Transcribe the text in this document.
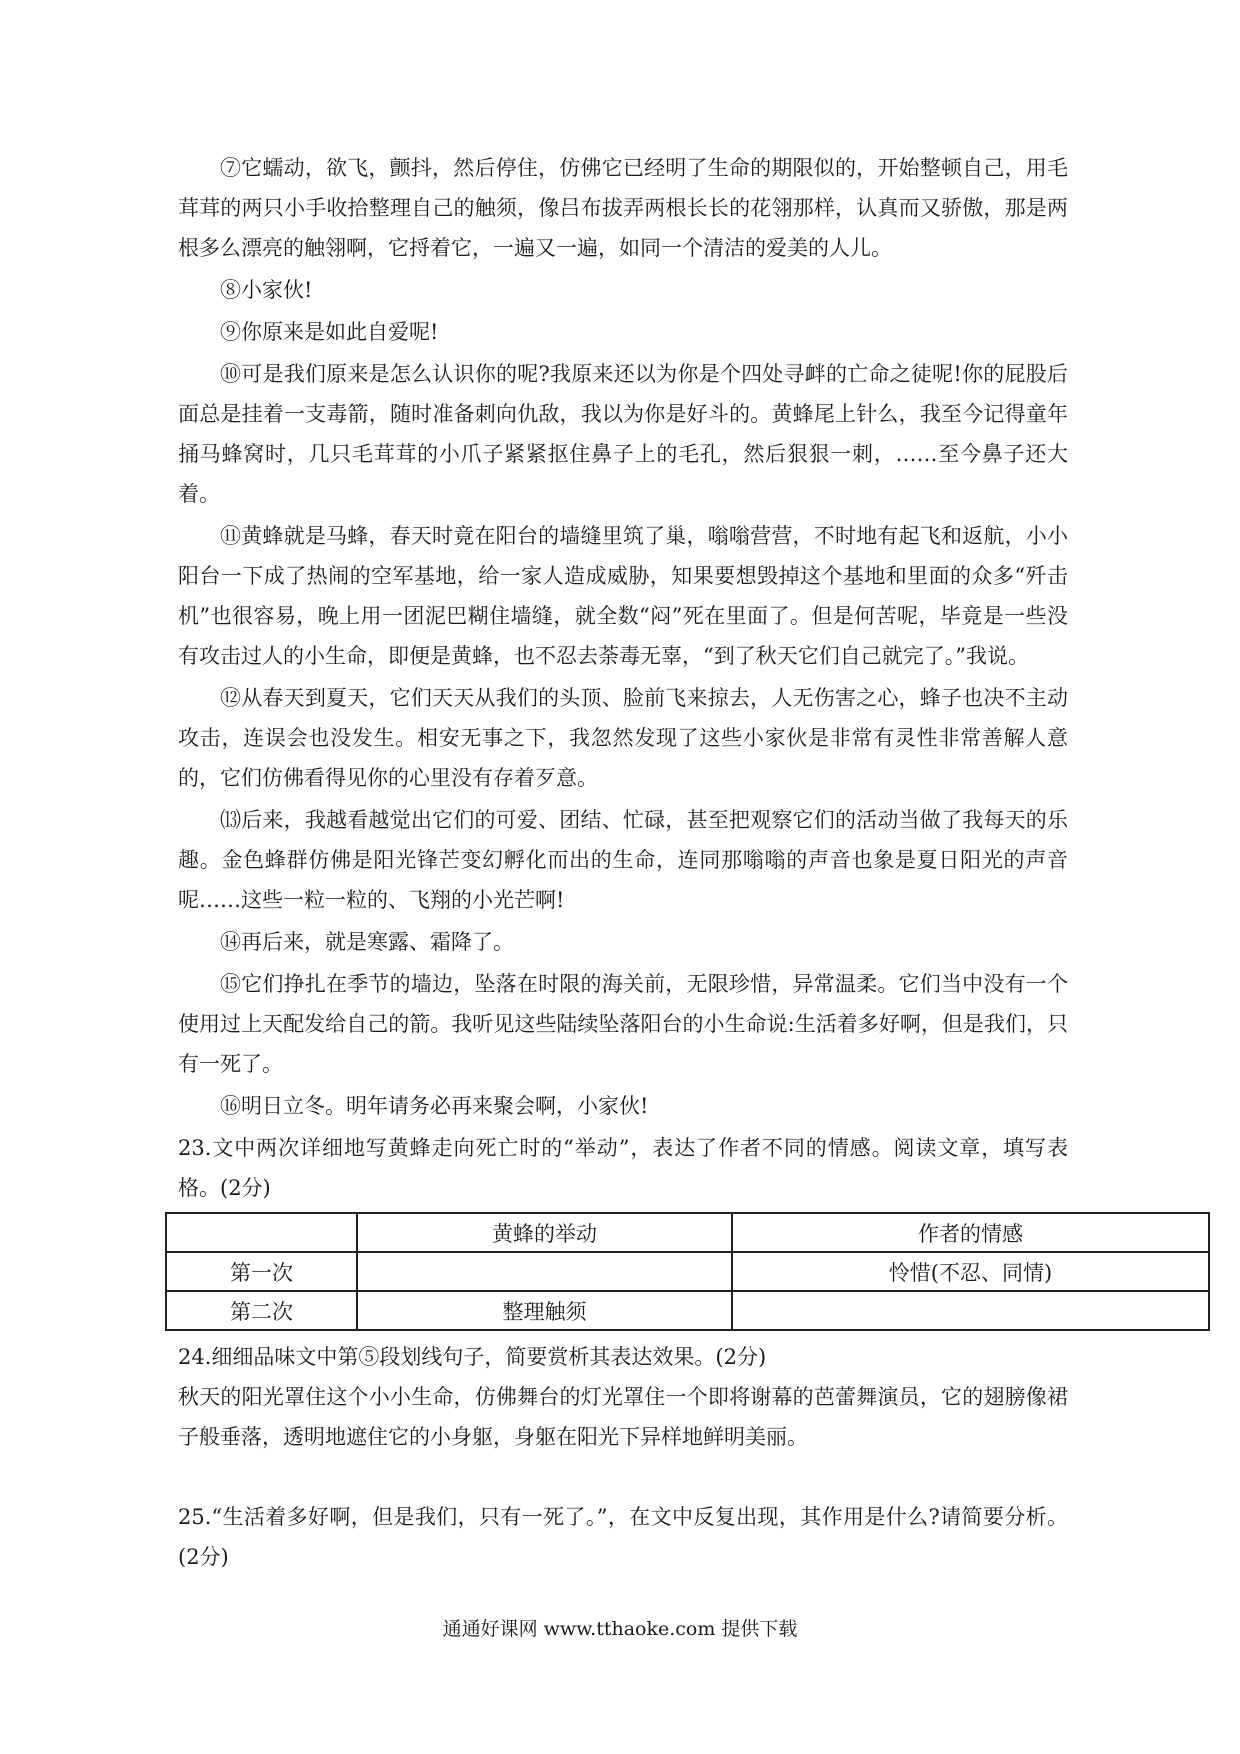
⑦它蠕动，欲飞，颤抖，然后停住，仿佛它已经明了生命的期限似的，开始整顿自己，用毛茸茸的两只小手收拾整理自己的触须，像吕布拔弄两根长长的花翎那样，认真而又骄傲，那是两根多么漂亮的触翎啊，它捋着它，一遍又一遍，如同一个清洁的爱美的人儿。

⑧小家伙!

⑨你原来是如此自爱呢!

⑩可是我们原来是怎么认识你的呢?我原来还以为你是个四处寻衅的亡命之徒呢!你的屁股后面总是挂着一支毒箭，随时准备刺向仇敌，我以为你是好斗的。黄蜂尾上针么，我至今记得童年捅马蜂窝时，几只毛茸茸的小爪子紧紧抠住鼻子上的毛孔，然后狠狠一刺，……至今鼻子还大着。

⑪黄蜂就是马蜂，春天时竟在阳台的墙缝里筑了巢，嗡嗡营营，不时地有起飞和返航，小小阳台一下成了热闹的空军基地，给一家人造成威胁，知果要想毁掉这个基地和里面的众多“歼击机”也很容易，晚上用一团泥巴糊住墙缝，就全数“闷”死在里面了。但是何苦呢，毕竟是一些没有攻击过人的小生命，即便是黄蜂，也不忍去荼毒无辜，“到了秋天它们自己就完了。”我说。

⑫从春天到夏天，它们天天从我们的头顶、脸前飞来掠去，人无伤害之心，蜂子也决不主动攻击，连误会也没发生。相安无事之下，我忽然发现了这些小家伙是非常有灵性非常善解人意的，它们仿佛看得见你的心里没有存着歹意。

⒀后来，我越看越觉出它们的可爱、团结、忙碌，甚至把观察它们的活动当做了我每天的乐趣。金色蜂群仿佛是阳光锋芒变幻孵化而出的生命，连同那嗡嗡的声音也象是夏日阳光的声音呢……这些一粒一粒的、飞翔的小光芒啊!

⑭再后来，就是寒露、霜降了。

⑮它们挣扎在季节的墙边，坠落在时限的海关前，无限珍惜，异常温柔。它们当中没有一个使用过上天配发给自己的箭。我听见这些陆续坠落阳台的小生命说:生活着多好啊，但是我们，只有一死了。

⑯明日立冬。明年请务必再来聚会啊，小家伙!

23.文中两次详细地写黄蜂走向死亡时的“举动”，表达了作者不同的情感。阅读文章，填写表格。(2分)

	黄蜂的举动	作者的情感
第一次		怜惜(不忍、同情)
第二次	整理触须	

24.细细品味文中第⑤段划线句子，简要赏析其表达效果。(2分)

秋天的阳光罩住这个小小生命，仿佛舞台的灯光罩住一个即将谢幕的芭蕾舞演员，它的翅膀像裙子般垂落，透明地遮住它的小身躯，身躯在阳光下异样地鲜明美丽。

25.“生活着多好啊，但是我们，只有一死了。”，在文中反复出现，其作用是什么?请简要分析。(2分)

通通好课网 www.tthaoke.com 提供下载
